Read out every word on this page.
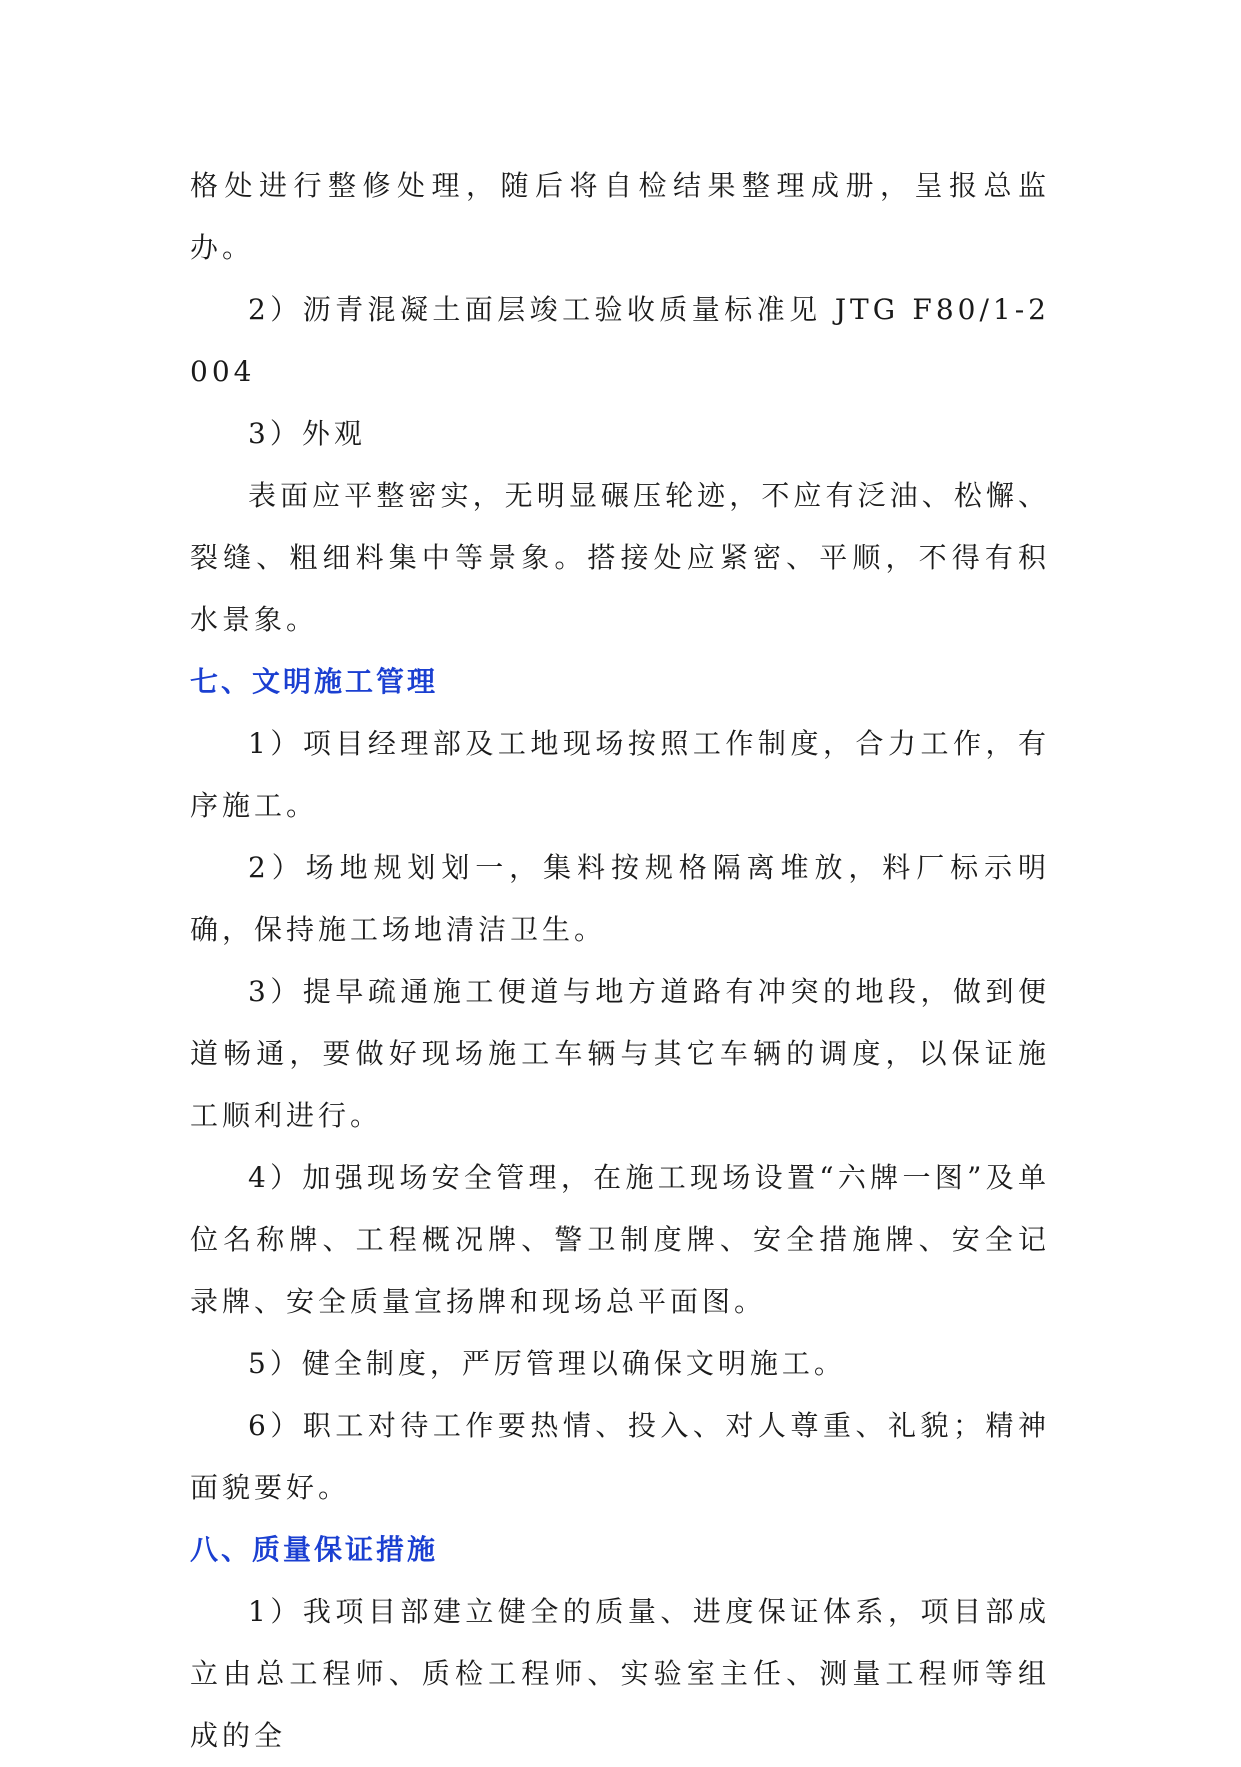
格处进行整修处理，随后将自检结果整理成册，呈报总监办。

2）沥青混凝土面层竣工验收质量标准见 JTG F80/1-2004

3）外观

表面应平整密实，无明显碾压轮迹，不应有泛油、松懈、裂缝、粗细料集中等景象。搭接处应紧密、平顺，不得有积水景象。

七、文明施工管理

1）项目经理部及工地现场按照工作制度，合力工作，有序施工。

2）场地规划划一，集料按规格隔离堆放，料厂标示明确，保持施工场地清洁卫生。

3）提早疏通施工便道与地方道路有冲突的地段，做到便道畅通，要做好现场施工车辆与其它车辆的调度，以保证施工顺利进行。

4）加强现场安全管理，在施工现场设置“六牌一图”及单位名称牌、工程概况牌、警卫制度牌、安全措施牌、安全记录牌、安全质量宣扬牌和现场总平面图。

5）健全制度，严厉管理以确保文明施工。

6）职工对待工作要热情、投入、对人尊重、礼貌；精神面貌要好。

八、质量保证措施

1）我项目部建立健全的质量、进度保证体系，项目部成立由总工程师、质检工程师、实验室主任、测量工程师等组成的全
